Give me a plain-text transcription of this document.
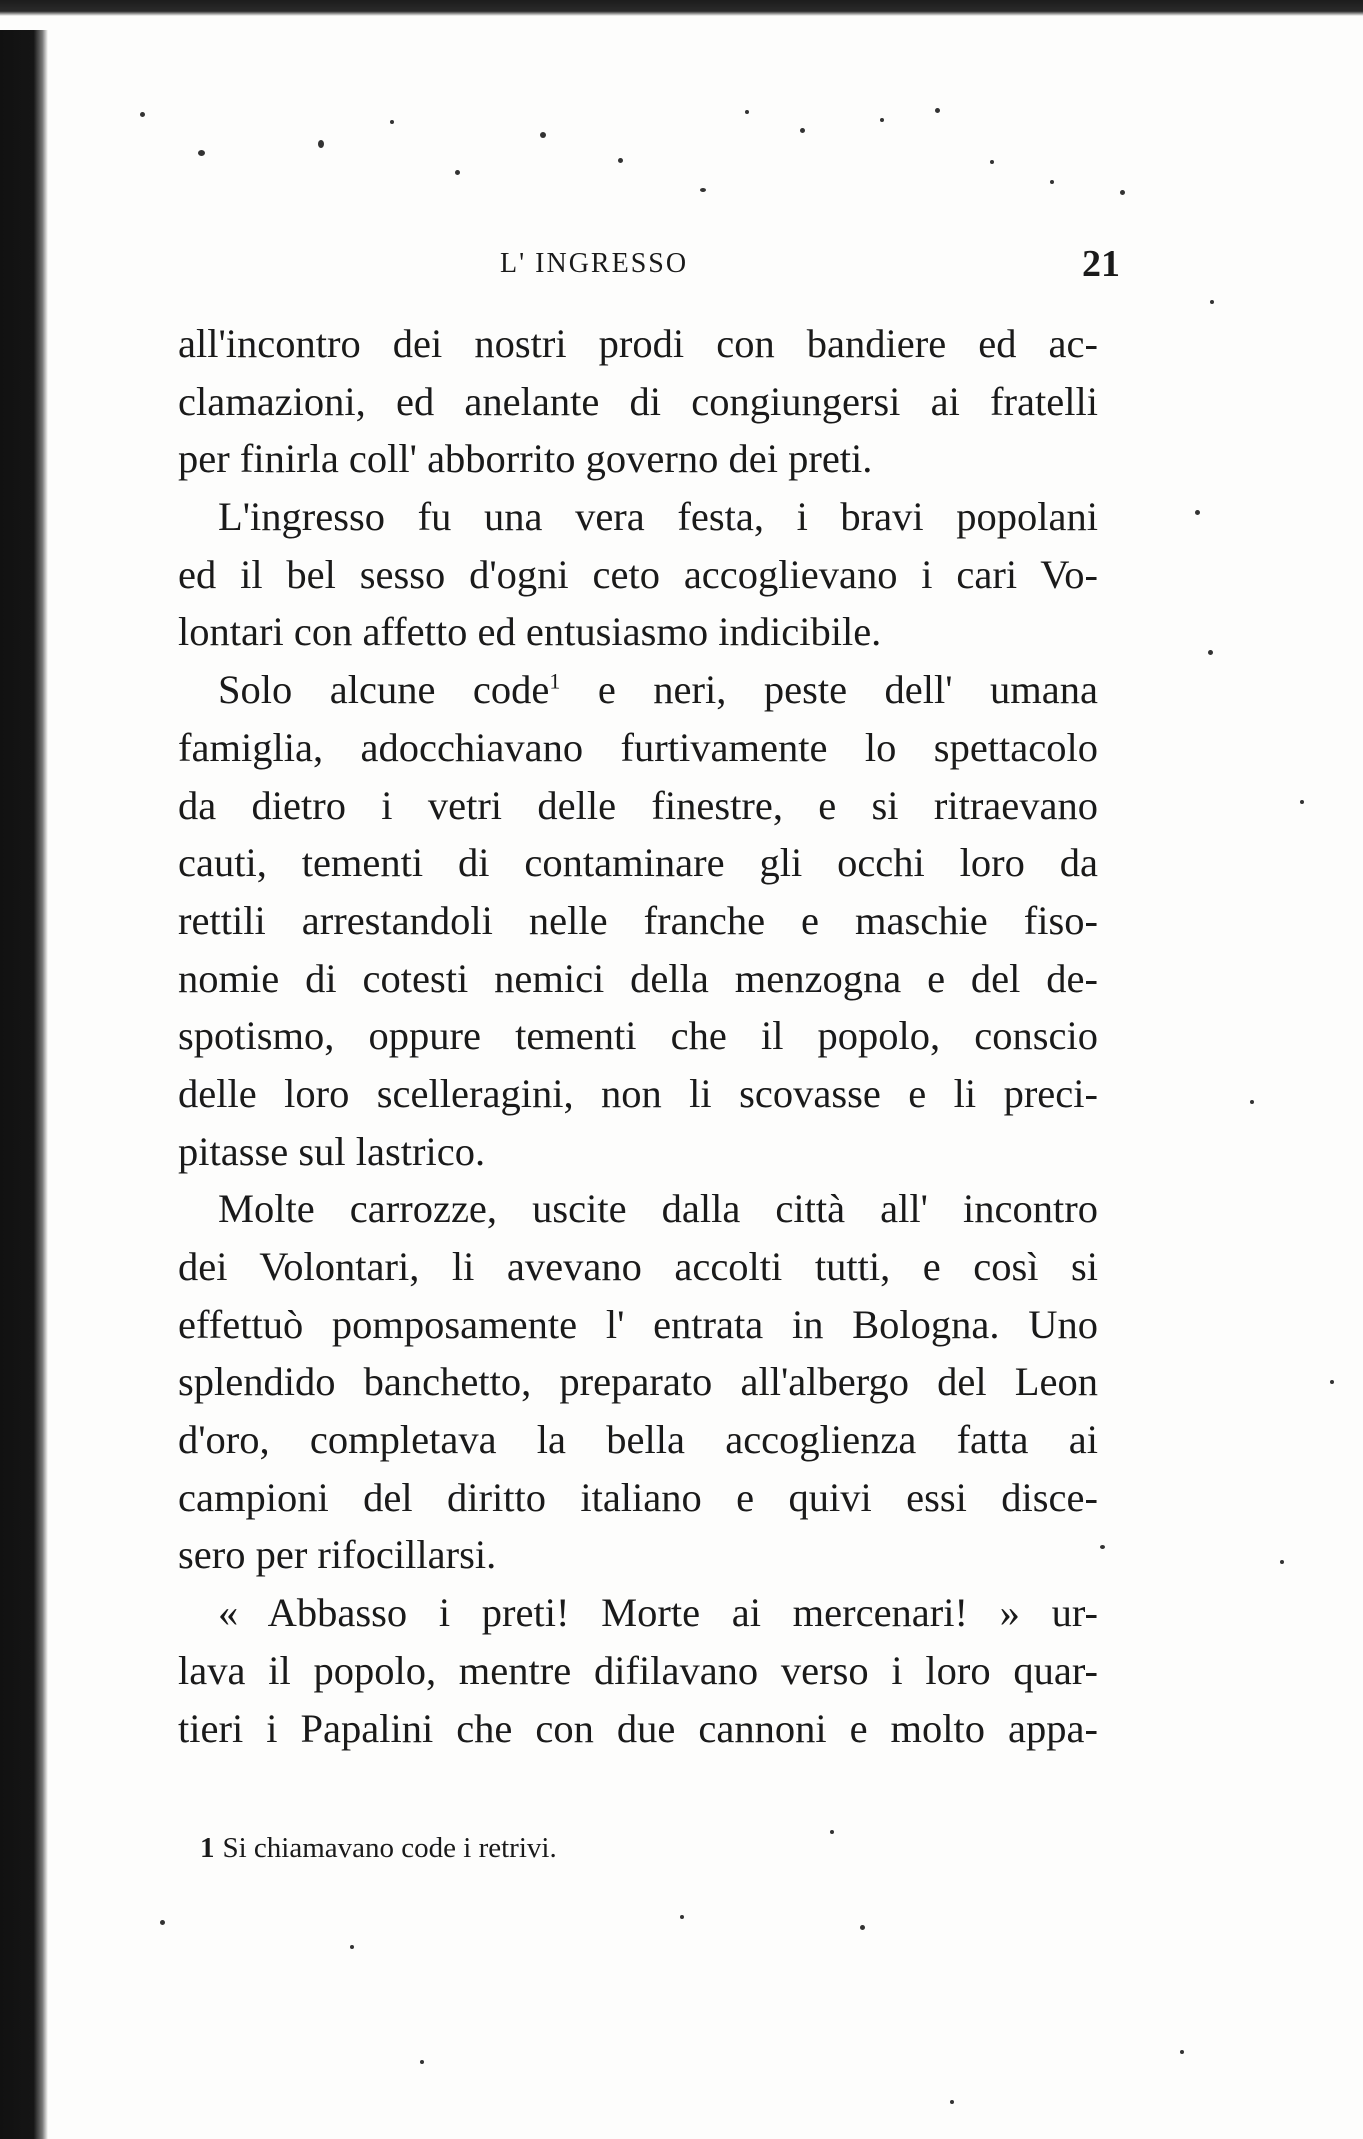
L' INGRESSO	21
all'incontro dei nostri prodi con bandiere ed ac-
clamazioni, ed anelante di congiungersi ai fratelli
per finirla coll' abborrito governo dei preti.
L'ingresso fu una vera festa, i bravi popolani
ed il bel sesso d'ogni ceto accoglievano i cari Vo-
lontari con affetto ed entusiasmo indicibile.
Solo alcune code$^1$ e neri, peste dell' umana
famiglia, adocchiavano furtivamente lo spettacolo
da dietro i vetri delle finestre, e si ritraevano
cauti, tementi di contaminare gli occhi loro da
rettili arrestandoli nelle franche e maschie fiso-
nomie di cotesti nemici della menzogna e del de-
spotismo, oppure tementi che il popolo, conscio
delle loro scelleragini, non li scovasse e li preci-
pitasse sul lastrico.
Molte carrozze, uscite dalla città all' incontro
dei Volontari, li avevano accolti tutti, e così si
effettuò pomposamente l' entrata in Bologna. Uno
splendido banchetto, preparato all'albergo del Leon
d'oro, completava la bella accoglienza fatta ai
campioni del diritto italiano e quivi essi disce-
sero per rifocillarsi.
« Abbasso i preti! Morte ai mercenari! » ur-
lava il popolo, mentre difilavano verso i loro quar-
tieri i Papalini che con due cannoni e molto appa-
1 Si chiamavano code i retrivi.
